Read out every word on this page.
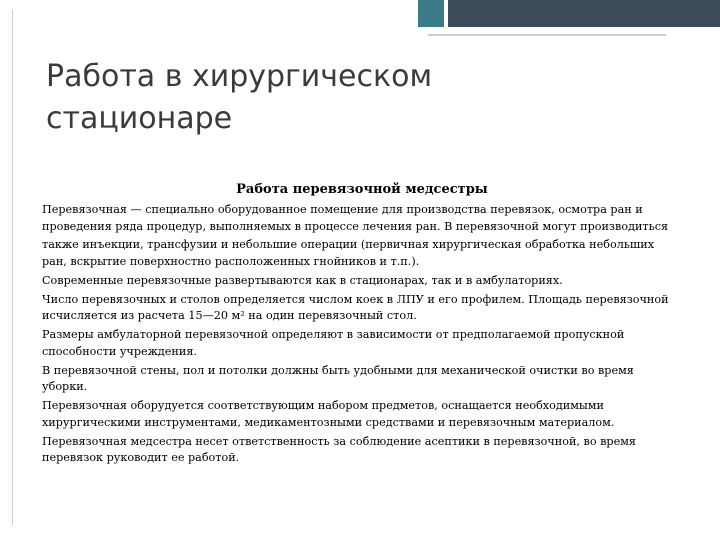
Работа в хирургическом стационаре
Работа перевязочной медсестры

Перевязочная — специально оборудованное помещение для производства перевязок, осмотра ран и проведения ряда процедур, выполняемых в процессе лечения ран. В перевязочной могут производиться

также инъекции, трансфузии и небольшие операции (первичная хирургическая обработка небольших ран, вскрытие поверхностно расположенных гнойников и т.п.).

Современные перевязочные развертываются как в стационарах, так и в амбулаториях.

Число перевязочных и столов определяется числом коек в ЛПУ и его профилем. Площадь перевязочной исчисляется из расчета 15—20 м² на один перевязочный стол.

Размеры амбулаторной перевязочной определяют в зависимости от предполагаемой пропускной способности учреждения.

В перевязочной стены, пол и потолки должны быть удобными для механической очистки во время уборки.

Перевязочная оборудуется соответствующим набором предметов, оснащается необходимыми хирургическими инструментами, медикаментозными средствами и перевязочным материалом.

Перевязочная медсестра несет ответственность за соблюдение асептики в перевязочной, во время перевязок руководит ее работой.
